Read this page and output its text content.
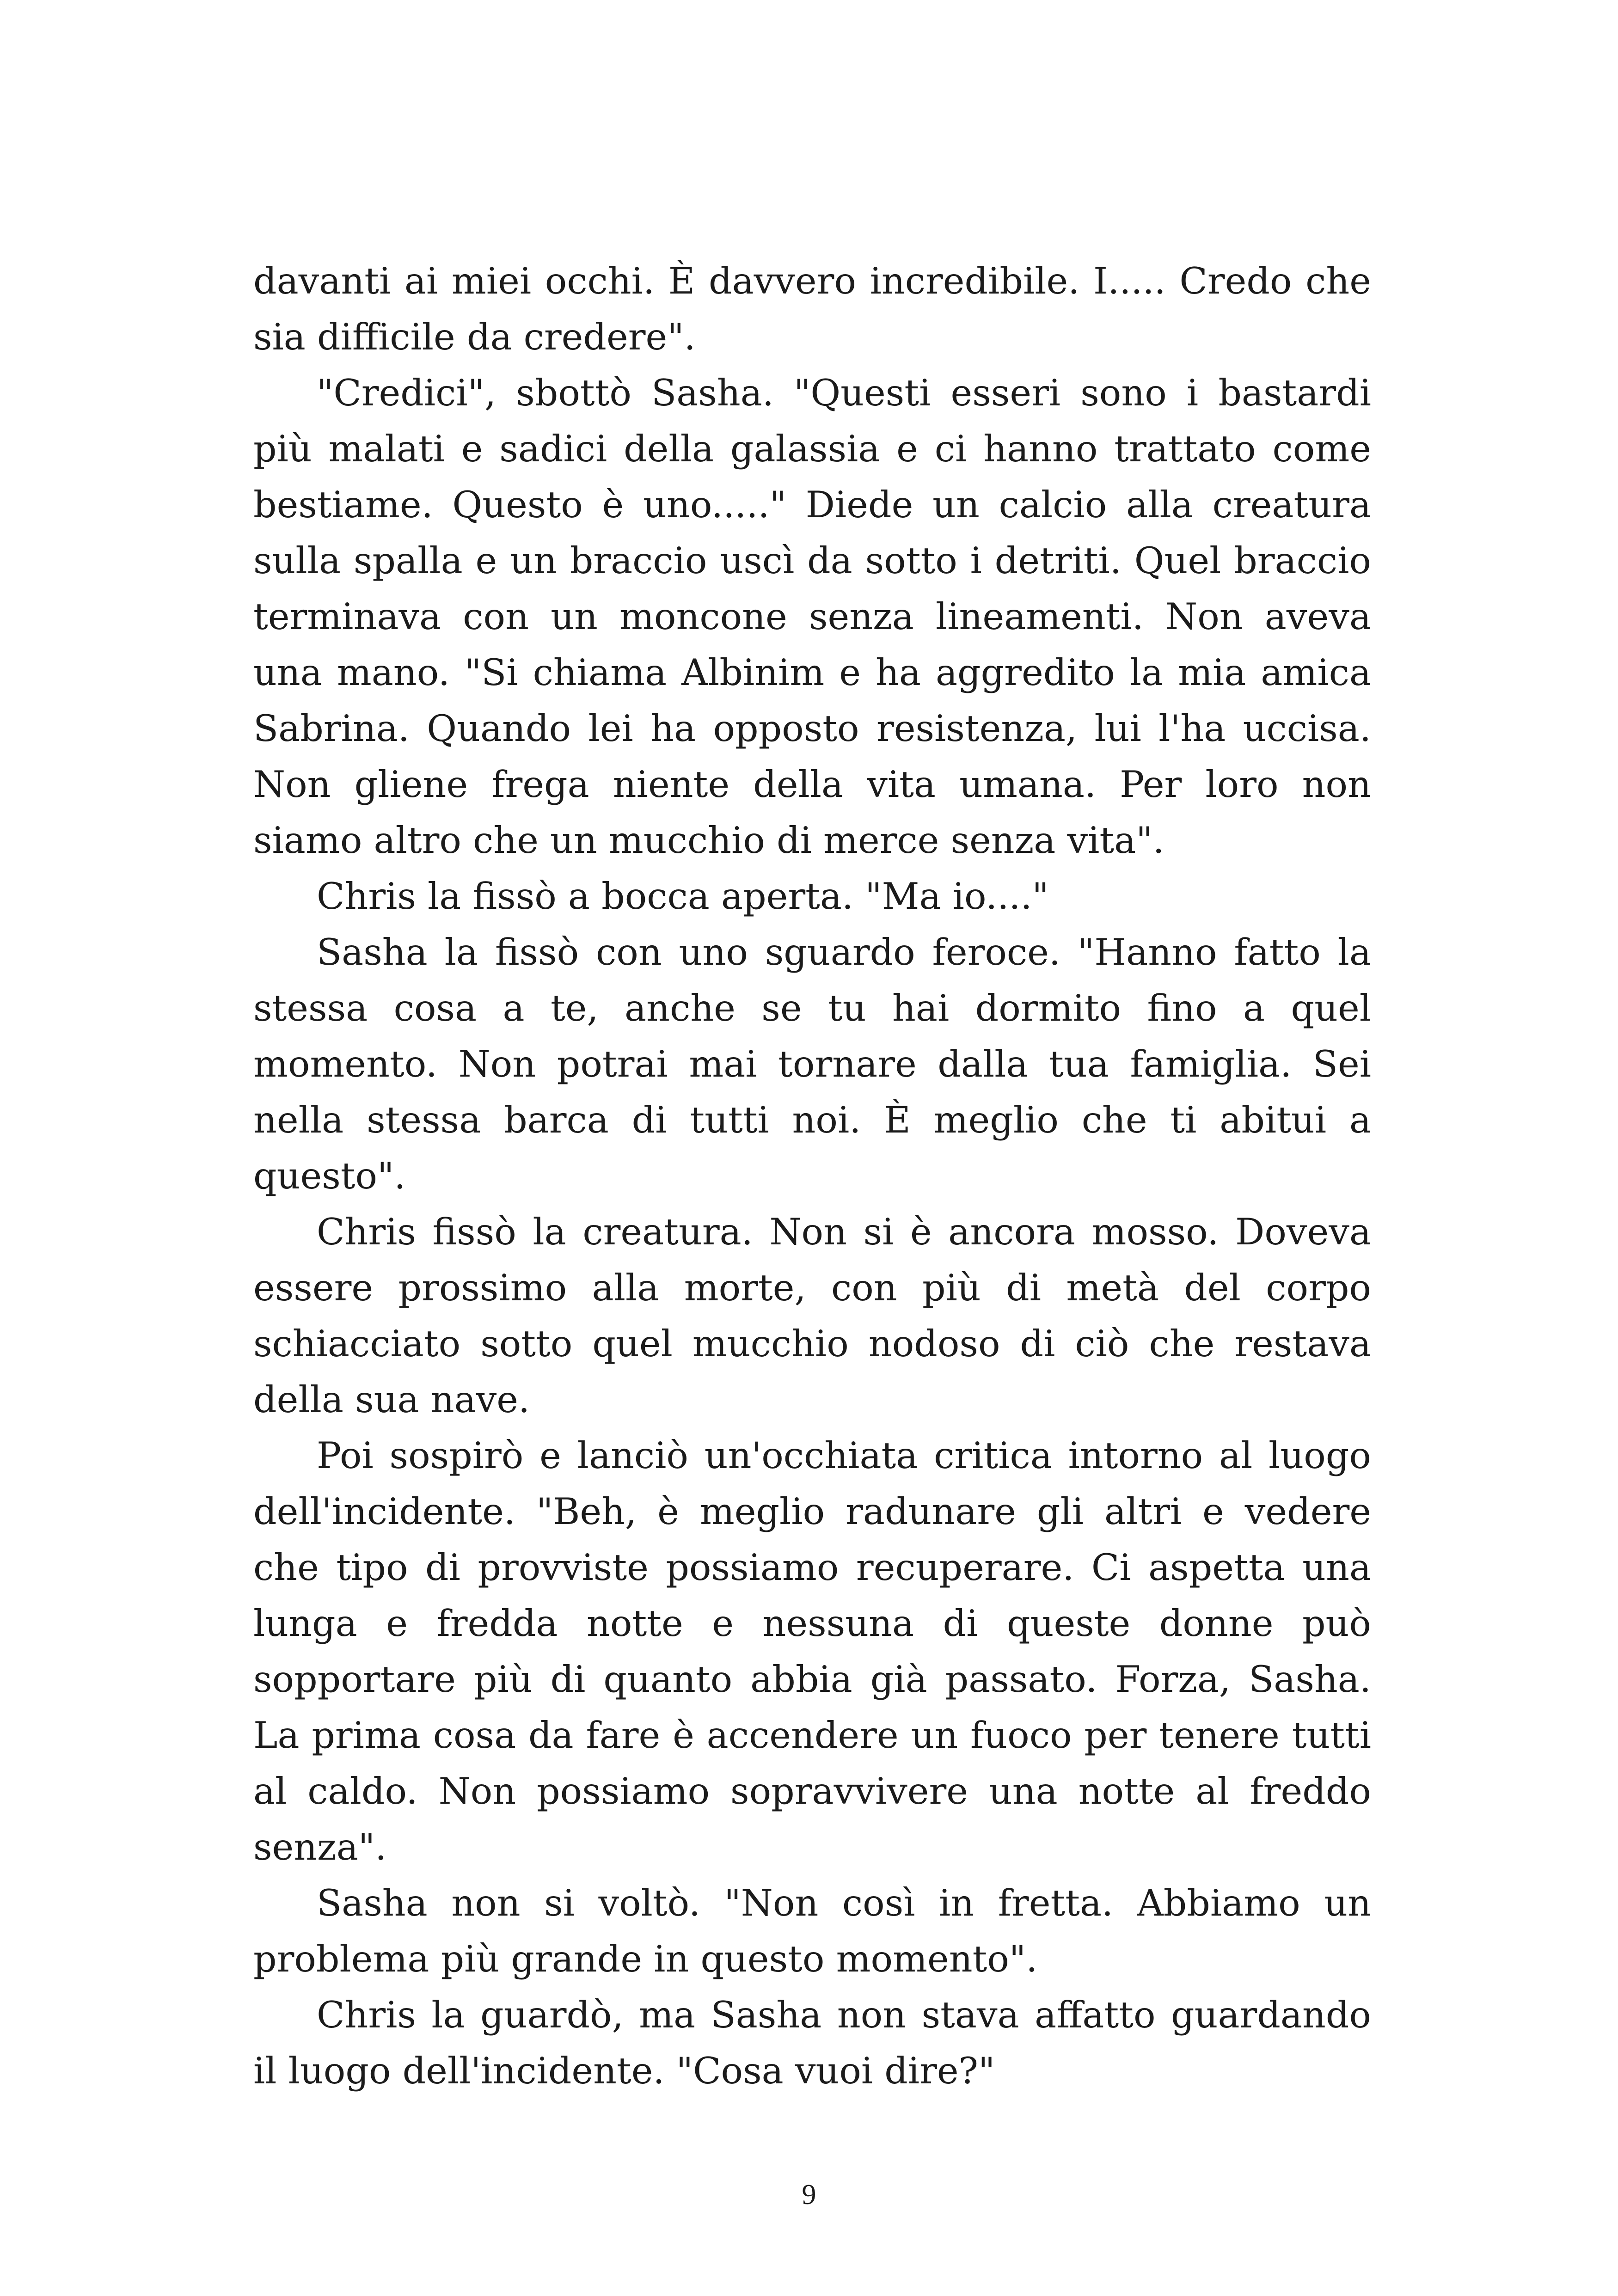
davanti ai miei occhi. È davvero incredibile. I..... Credo che sia difficile da credere".

"Credici", sbottò Sasha. "Questi esseri sono i bastardi più malati e sadici della galassia e ci hanno trattato come bestiame. Questo è uno....." Diede un calcio alla creatura sulla spalla e un braccio uscì da sotto i detriti. Quel braccio terminava con un moncone senza lineamenti. Non aveva una mano. "Si chiama Albinim e ha aggredito la mia amica Sabrina. Quando lei ha opposto resistenza, lui l'ha uccisa. Non gliene frega niente della vita umana. Per loro non siamo altro che un mucchio di merce senza vita".

Chris la fissò a bocca aperta. "Ma io...."

Sasha la fissò con uno sguardo feroce. "Hanno fatto la stessa cosa a te, anche se tu hai dormito fino a quel momento. Non potrai mai tornare dalla tua famiglia. Sei nella stessa barca di tutti noi. È meglio che ti abitui a questo".

Chris fissò la creatura. Non si è ancora mosso. Doveva essere prossimo alla morte, con più di metà del corpo schiacciato sotto quel mucchio nodoso di ciò che restava della sua nave.

Poi sospirò e lanciò un'occhiata critica intorno al luogo dell'incidente. "Beh, è meglio radunare gli altri e vedere che tipo di provviste possiamo recuperare. Ci aspetta una lunga e fredda notte e nessuna di queste donne può sopportare più di quanto abbia già passato. Forza, Sasha. La prima cosa da fare è accendere un fuoco per tenere tutti al caldo. Non possiamo sopravvivere una notte al freddo senza".

Sasha non si voltò. "Non così in fretta. Abbiamo un problema più grande in questo momento".

Chris la guardò, ma Sasha non stava affatto guardando il luogo dell'incidente. "Cosa vuoi dire?"

9
